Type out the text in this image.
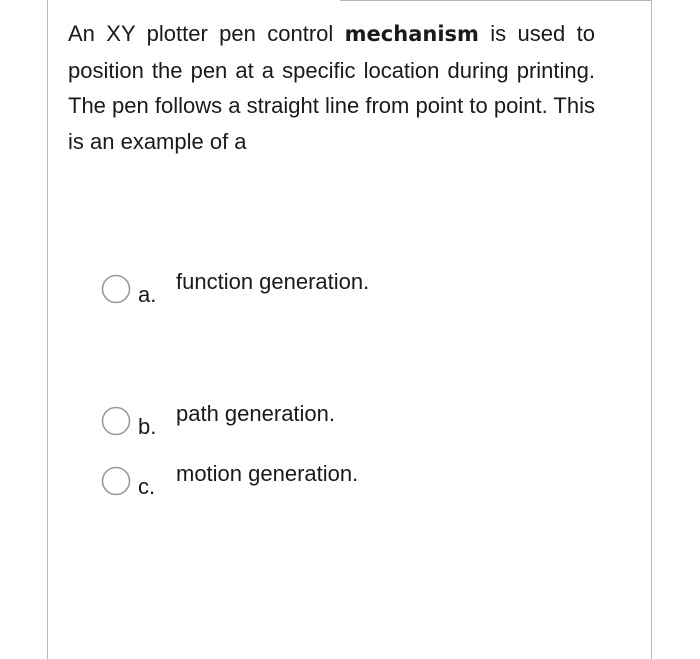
An XY plotter pen control mechanism is used to position the pen at a specific location during printing. The pen follows a straight line from point to point. This is an example of a

a.
function generation.
b.
path generation.
c.
motion generation.
